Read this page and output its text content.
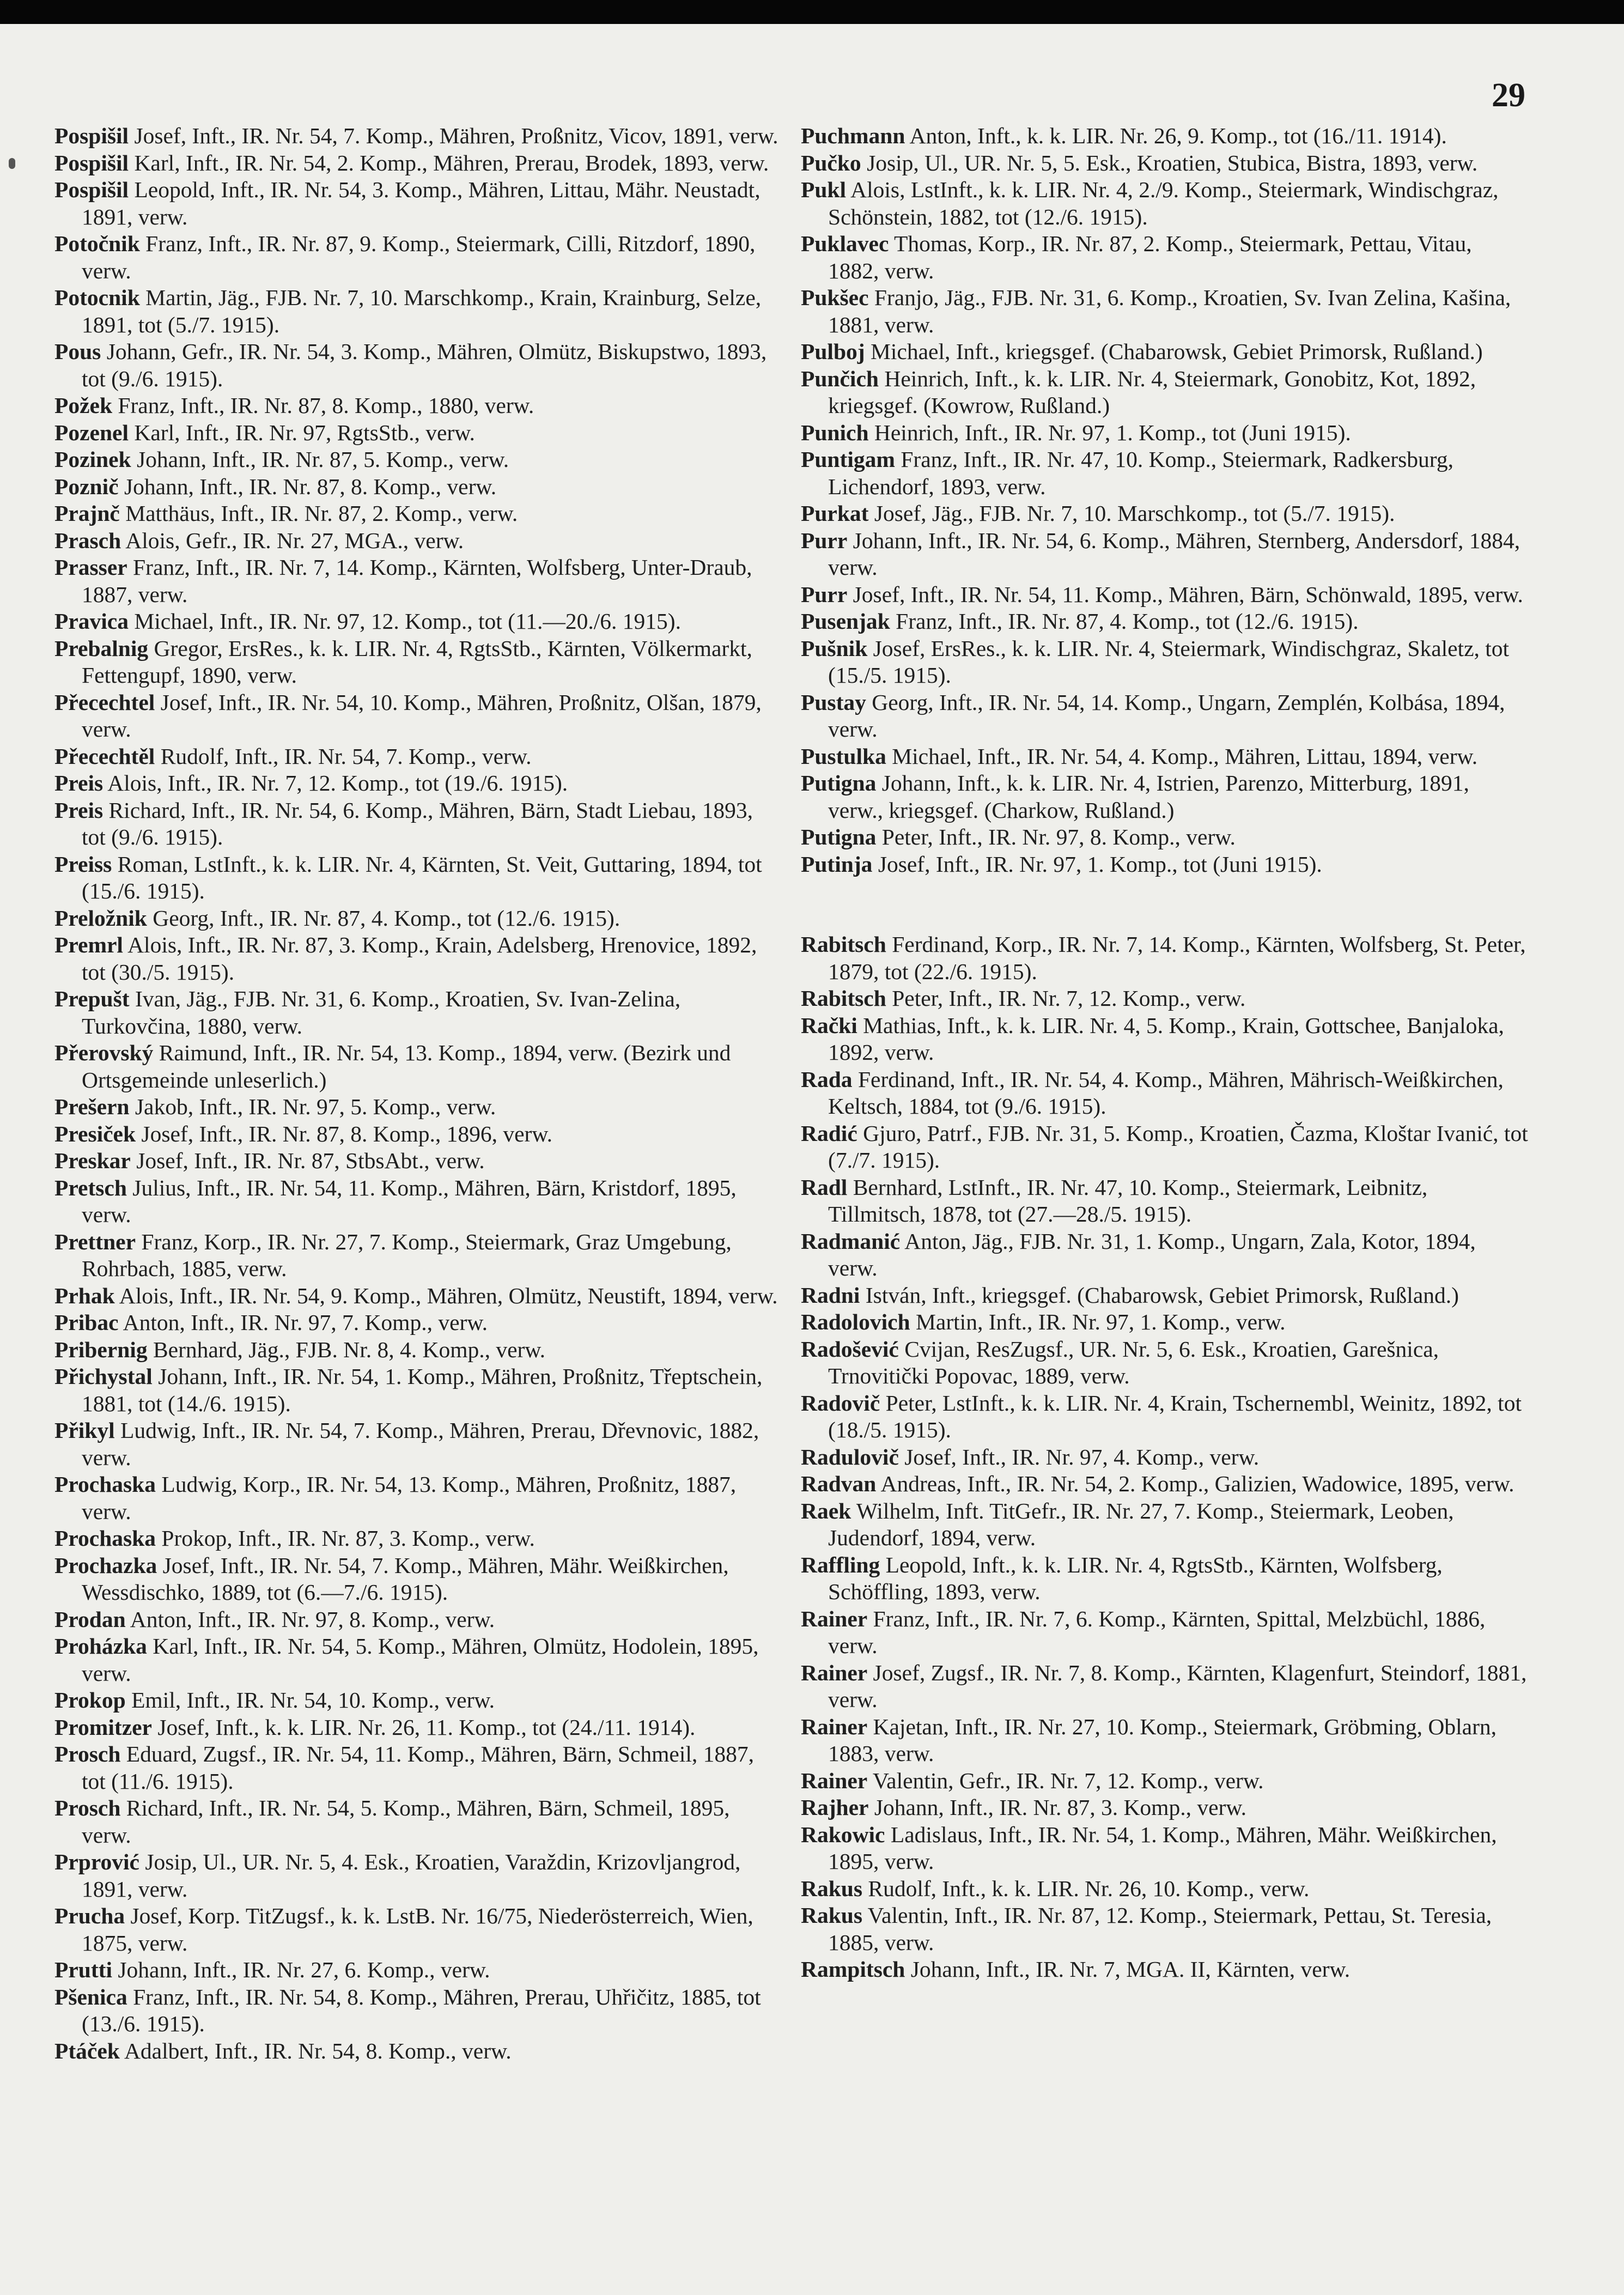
29

Pospišil Josef, Inft., IR. Nr. 54, 7. Komp., Mähren, Proßnitz, Vicov, 1891, verw.

Pospišil Karl, Inft., IR. Nr. 54, 2. Komp., Mähren, Prerau, Brodek, 1893, verw.

Pospišil Leopold, Inft., IR. Nr. 54, 3. Komp., Mähren, Littau, Mähr. Neustadt, 1891, verw.

Potočnik Franz, Inft., IR. Nr. 87, 9. Komp., Steiermark, Cilli, Ritzdorf, 1890, verw.

Potocnik Martin, Jäg., FJB. Nr. 7, 10. Marschkomp., Krain, Krainburg, Selze, 1891, tot (5./7. 1915).

Pous Johann, Gefr., IR. Nr. 54, 3. Komp., Mähren, Olmütz, Biskupstwo, 1893, tot (9./6. 1915).

Požek Franz, Inft., IR. Nr. 87, 8. Komp., 1880, verw.

Pozenel Karl, Inft., IR. Nr. 97, RgtsStb., verw.

Pozinek Johann, Inft., IR. Nr. 87, 5. Komp., verw.

Poznič Johann, Inft., IR. Nr. 87, 8. Komp., verw.

Prajnč Matthäus, Inft., IR. Nr. 87, 2. Komp., verw.

Prasch Alois, Gefr., IR. Nr. 27, MGA., verw.

Prasser Franz, Inft., IR. Nr. 7, 14. Komp., Kärnten, Wolfsberg, Unter-Draub, 1887, verw.

Pravica Michael, Inft., IR. Nr. 97, 12. Komp., tot (11.—20./6. 1915).

Prebalnig Gregor, ErsRes., k. k. LIR. Nr. 4, RgtsStb., Kärnten, Völkermarkt, Fettengupf, 1890, verw.

Přecechtel Josef, Inft., IR. Nr. 54, 10. Komp., Mähren, Proßnitz, Olšan, 1879, verw.

Přecechtěl Rudolf, Inft., IR. Nr. 54, 7. Komp., verw.

Preis Alois, Inft., IR. Nr. 7, 12. Komp., tot (19./6. 1915).

Preis Richard, Inft., IR. Nr. 54, 6. Komp., Mähren, Bärn, Stadt Liebau, 1893, tot (9./6. 1915).

Preiss Roman, LstInft., k. k. LIR. Nr. 4, Kärnten, St. Veit, Guttaring, 1894, tot (15./6. 1915).

Preložnik Georg, Inft., IR. Nr. 87, 4. Komp., tot (12./6. 1915).

Premrl Alois, Inft., IR. Nr. 87, 3. Komp., Krain, Adelsberg, Hrenovice, 1892, tot (30./5. 1915).

Prepušt Ivan, Jäg., FJB. Nr. 31, 6. Komp., Kroatien, Sv. Ivan-Zelina, Turkovčina, 1880, verw.

Přerovský Raimund, Inft., IR. Nr. 54, 13. Komp., 1894, verw. (Bezirk und Ortsgemeinde unleserlich.)

Prešern Jakob, Inft., IR. Nr. 97, 5. Komp., verw.

Presiček Josef, Inft., IR. Nr. 87, 8. Komp., 1896, verw.

Preskar Josef, Inft., IR. Nr. 87, StbsAbt., verw.

Pretsch Julius, Inft., IR. Nr. 54, 11. Komp., Mähren, Bärn, Kristdorf, 1895, verw.

Prettner Franz, Korp., IR. Nr. 27, 7. Komp., Steiermark, Graz Umgebung, Rohrbach, 1885, verw.

Prhak Alois, Inft., IR. Nr. 54, 9. Komp., Mähren, Olmütz, Neustift, 1894, verw.

Pribac Anton, Inft., IR. Nr. 97, 7. Komp., verw.

Pribernig Bernhard, Jäg., FJB. Nr. 8, 4. Komp., verw.

Přichystal Johann, Inft., IR. Nr. 54, 1. Komp., Mähren, Proßnitz, Třeptschein, 1881, tot (14./6. 1915).

Přikyl Ludwig, Inft., IR. Nr. 54, 7. Komp., Mähren, Prerau, Dřevnovic, 1882, verw.

Prochaska Ludwig, Korp., IR. Nr. 54, 13. Komp., Mähren, Proßnitz, 1887, verw.

Prochaska Prokop, Inft., IR. Nr. 87, 3. Komp., verw.

Prochazka Josef, Inft., IR. Nr. 54, 7. Komp., Mähren, Mähr. Weißkirchen, Wessdischko, 1889, tot (6.—7./6. 1915).

Prodan Anton, Inft., IR. Nr. 97, 8. Komp., verw.

Proházka Karl, Inft., IR. Nr. 54, 5. Komp., Mähren, Olmütz, Hodolein, 1895, verw.

Prokop Emil, Inft., IR. Nr. 54, 10. Komp., verw.

Promitzer Josef, Inft., k. k. LIR. Nr. 26, 11. Komp., tot (24./11. 1914).

Prosch Eduard, Zugsf., IR. Nr. 54, 11. Komp., Mähren, Bärn, Schmeil, 1887, tot (11./6. 1915).

Prosch Richard, Inft., IR. Nr. 54, 5. Komp., Mähren, Bärn, Schmeil, 1895, verw.

Prprović Josip, Ul., UR. Nr. 5, 4. Esk., Kroatien, Varaždin, Krizovljangrod, 1891, verw.

Prucha Josef, Korp. TitZugsf., k. k. LstB. Nr. 16/75, Niederösterreich, Wien, 1875, verw.

Prutti Johann, Inft., IR. Nr. 27, 6. Komp., verw.

Pšenica Franz, Inft., IR. Nr. 54, 8. Komp., Mähren, Prerau, Uhřičitz, 1885, tot (13./6. 1915).

Ptáček Adalbert, Inft., IR. Nr. 54, 8. Komp., verw.

Puchmann Anton, Inft., k. k. LIR. Nr. 26, 9. Komp., tot (16./11. 1914).

Pučko Josip, Ul., UR. Nr. 5, 5. Esk., Kroatien, Stubica, Bistra, 1893, verw.

Pukl Alois, LstInft., k. k. LIR. Nr. 4, 2./9. Komp., Steiermark, Windischgraz, Schönstein, 1882, tot (12./6. 1915).

Puklavec Thomas, Korp., IR. Nr. 87, 2. Komp., Steiermark, Pettau, Vitau, 1882, verw.

Pukšec Franjo, Jäg., FJB. Nr. 31, 6. Komp., Kroatien, Sv. Ivan Zelina, Kašina, 1881, verw.

Pulboj Michael, Inft., kriegsgef. (Chabarowsk, Gebiet Primorsk, Rußland.)

Punčich Heinrich, Inft., k. k. LIR. Nr. 4, Steiermark, Gonobitz, Kot, 1892, kriegsgef. (Kowrow, Rußland.)

Punich Heinrich, Inft., IR. Nr. 97, 1. Komp., tot (Juni 1915).

Puntigam Franz, Inft., IR. Nr. 47, 10. Komp., Steiermark, Radkersburg, Lichendorf, 1893, verw.

Purkat Josef, Jäg., FJB. Nr. 7, 10. Marschkomp., tot (5./7. 1915).

Purr Johann, Inft., IR. Nr. 54, 6. Komp., Mähren, Sternberg, Andersdorf, 1884, verw.

Purr Josef, Inft., IR. Nr. 54, 11. Komp., Mähren, Bärn, Schönwald, 1895, verw.

Pusenjak Franz, Inft., IR. Nr. 87, 4. Komp., tot (12./6. 1915).

Pušnik Josef, ErsRes., k. k. LIR. Nr. 4, Steiermark, Windischgraz, Skaletz, tot (15./5. 1915).

Pustay Georg, Inft., IR. Nr. 54, 14. Komp., Ungarn, Zemplén, Kolbása, 1894, verw.

Pustulka Michael, Inft., IR. Nr. 54, 4. Komp., Mähren, Littau, 1894, verw.

Putigna Johann, Inft., k. k. LIR. Nr. 4, Istrien, Parenzo, Mitterburg, 1891, verw., kriegsgef. (Charkow, Rußland.)

Putigna Peter, Inft., IR. Nr. 97, 8. Komp., verw.

Putinja Josef, Inft., IR. Nr. 97, 1. Komp., tot (Juni 1915).

Rabitsch Ferdinand, Korp., IR. Nr. 7, 14. Komp., Kärnten, Wolfsberg, St. Peter, 1879, tot (22./6. 1915).

Rabitsch Peter, Inft., IR. Nr. 7, 12. Komp., verw.

Rački Mathias, Inft., k. k. LIR. Nr. 4, 5. Komp., Krain, Gottschee, Banjaloka, 1892, verw.

Rada Ferdinand, Inft., IR. Nr. 54, 4. Komp., Mähren, Mährisch-Weißkirchen, Keltsch, 1884, tot (9./6. 1915).

Radić Gjuro, Patrf., FJB. Nr. 31, 5. Komp., Kroatien, Čazma, Kloštar Ivanić, tot (7./7. 1915).

Radl Bernhard, LstInft., IR. Nr. 47, 10. Komp., Steiermark, Leibnitz, Tillmitsch, 1878, tot (27.—28./5. 1915).

Radmanić Anton, Jäg., FJB. Nr. 31, 1. Komp., Ungarn, Zala, Kotor, 1894, verw.

Radni István, Inft., kriegsgef. (Chabarowsk, Gebiet Primorsk, Rußland.)

Radolovich Martin, Inft., IR. Nr. 97, 1. Komp., verw.

Radošević Cvijan, ResZugsf., UR. Nr. 5, 6. Esk., Kroatien, Garešnica, Trnovitički Popovac, 1889, verw.

Radovič Peter, LstInft., k. k. LIR. Nr. 4, Krain, Tschernembl, Weinitz, 1892, tot (18./5. 1915).

Radulovič Josef, Inft., IR. Nr. 97, 4. Komp., verw.

Radvan Andreas, Inft., IR. Nr. 54, 2. Komp., Galizien, Wadowice, 1895, verw.

Raek Wilhelm, Inft. TitGefr., IR. Nr. 27, 7. Komp., Steiermark, Leoben, Judendorf, 1894, verw.

Raffling Leopold, Inft., k. k. LIR. Nr. 4, RgtsStb., Kärnten, Wolfsberg, Schöffling, 1893, verw.

Rainer Franz, Inft., IR. Nr. 7, 6. Komp., Kärnten, Spittal, Melzbüchl, 1886, verw.

Rainer Josef, Zugsf., IR. Nr. 7, 8. Komp., Kärnten, Klagenfurt, Steindorf, 1881, verw.

Rainer Kajetan, Inft., IR. Nr. 27, 10. Komp., Steiermark, Gröbming, Oblarn, 1883, verw.

Rainer Valentin, Gefr., IR. Nr. 7, 12. Komp., verw.

Rajher Johann, Inft., IR. Nr. 87, 3. Komp., verw.

Rakowic Ladislaus, Inft., IR. Nr. 54, 1. Komp., Mähren, Mähr. Weißkirchen, 1895, verw.

Rakus Rudolf, Inft., k. k. LIR. Nr. 26, 10. Komp., verw.

Rakus Valentin, Inft., IR. Nr. 87, 12. Komp., Steiermark, Pettau, St. Teresia, 1885, verw.

Rampitsch Johann, Inft., IR. Nr. 7, MGA. II, Kärnten, verw.
